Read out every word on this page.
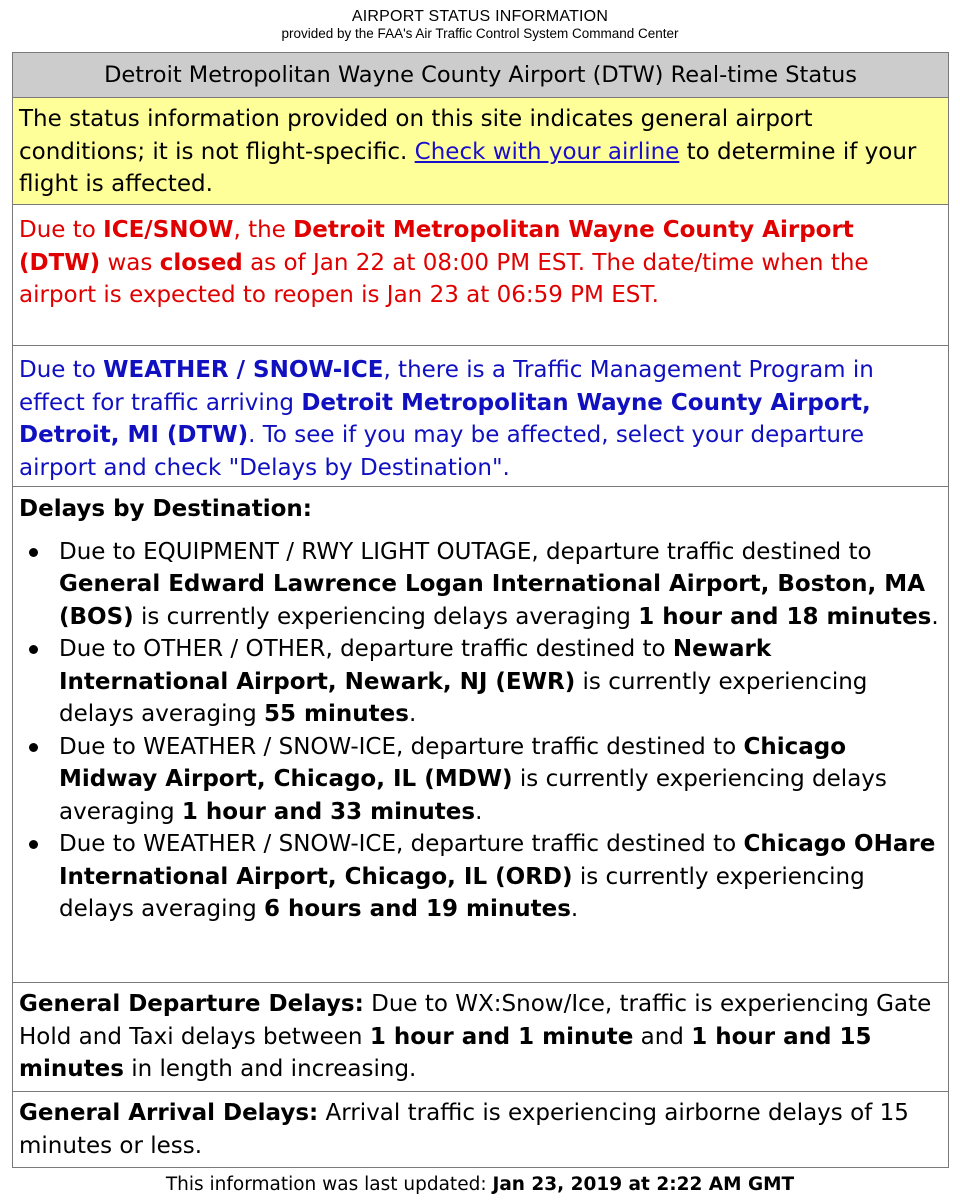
AIRPORT STATUS INFORMATION
provided by the FAA's Air Traffic Control System Command Center
Detroit Metropolitan Wayne County Airport (DTW) Real-time Status
The status information provided on this site indicates general airport conditions; it is not flight-specific. Check with your airline to determine if your flight is affected.
Due to ICE/SNOW, the Detroit Metropolitan Wayne County Airport (DTW) was closed as of Jan 22 at 08:00 PM EST. The date/time when the airport is expected to reopen is Jan 23 at 06:59 PM EST.
Due to WEATHER / SNOW-ICE, there is a Traffic Management Program in effect for traffic arriving Detroit Metropolitan Wayne County Airport, Detroit, MI (DTW). To see if you may be affected, select your departure airport and check "Delays by Destination".
Delays by Destination:
Due to EQUIPMENT / RWY LIGHT OUTAGE, departure traffic destined to General Edward Lawrence Logan International Airport, Boston, MA (BOS) is currently experiencing delays averaging 1 hour and 18 minutes.
Due to OTHER / OTHER, departure traffic destined to Newark International Airport, Newark, NJ (EWR) is currently experiencing delays averaging 55 minutes.
Due to WEATHER / SNOW-ICE, departure traffic destined to Chicago Midway Airport, Chicago, IL (MDW) is currently experiencing delays averaging 1 hour and 33 minutes.
Due to WEATHER / SNOW-ICE, departure traffic destined to Chicago OHare International Airport, Chicago, IL (ORD) is currently experiencing delays averaging 6 hours and 19 minutes.
General Departure Delays: Due to WX:Snow/Ice, traffic is experiencing Gate Hold and Taxi delays between 1 hour and 1 minute and 1 hour and 15 minutes in length and increasing.
General Arrival Delays: Arrival traffic is experiencing airborne delays of 15 minutes or less.
This information was last updated: Jan 23, 2019 at 2:22 AM GMT
